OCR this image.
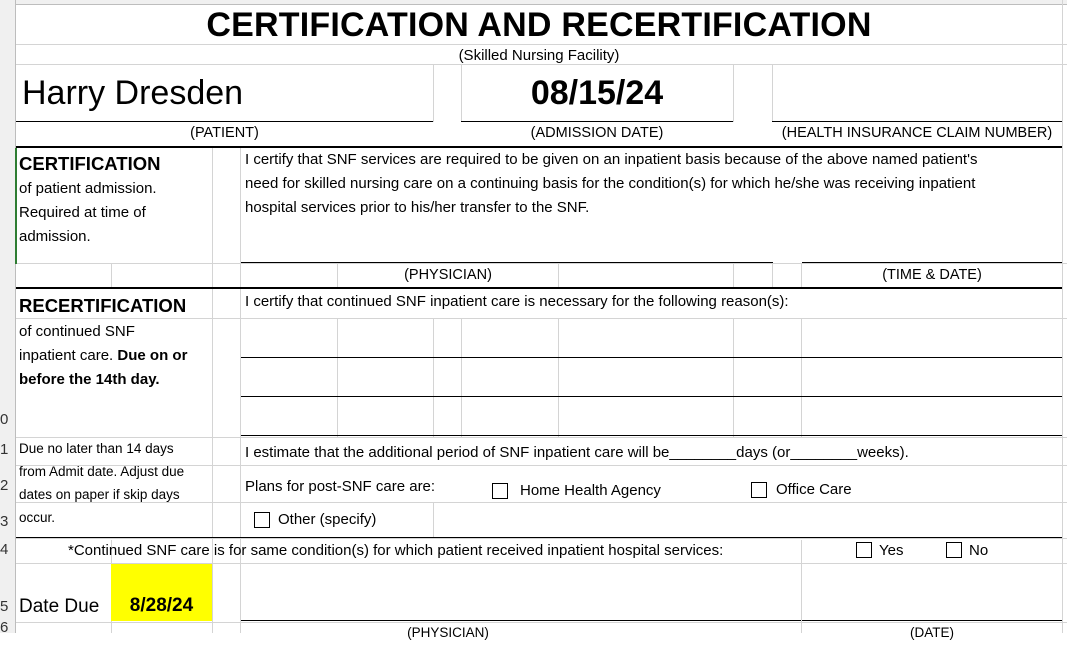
0
1
2
3
4
5
6
CERTIFICATION AND RECERTIFICATION
(Skilled Nursing Facility)
Harry Dresden	08/15/24
(PATIENT)	(ADMISSION DATE)	(HEALTH INSURANCE CLAIM NUMBER)
CERTIFICATION
of patient admission.
Required at time of
admission.
I certify that SNF services are required to be given on an inpatient basis because of the above named patient's
need for skilled nursing care on a continuing basis for the condition(s) for which he/she was receiving inpatient
hospital services prior to his/her transfer to the SNF.
(PHYSICIAN)	(TIME & DATE)
RECERTIFICATION
of continued SNF
inpatient care. Due on or
before the 14th day.
I certify that continued SNF inpatient care is necessary for the following reason(s):
Due no later than 14 days
from Admit date. Adjust due
dates on paper if skip days
occur.
I estimate that the additional period of SNF inpatient care will be________days (or________weeks).
Plans for post-SNF care are:	Home Health Agency	Office Care
Other (specify)
*Continued SNF care is for same condition(s) for which patient received inpatient hospital services:	Yes	No
Date Due	8/28/24
(PHYSICIAN)	(DATE)
